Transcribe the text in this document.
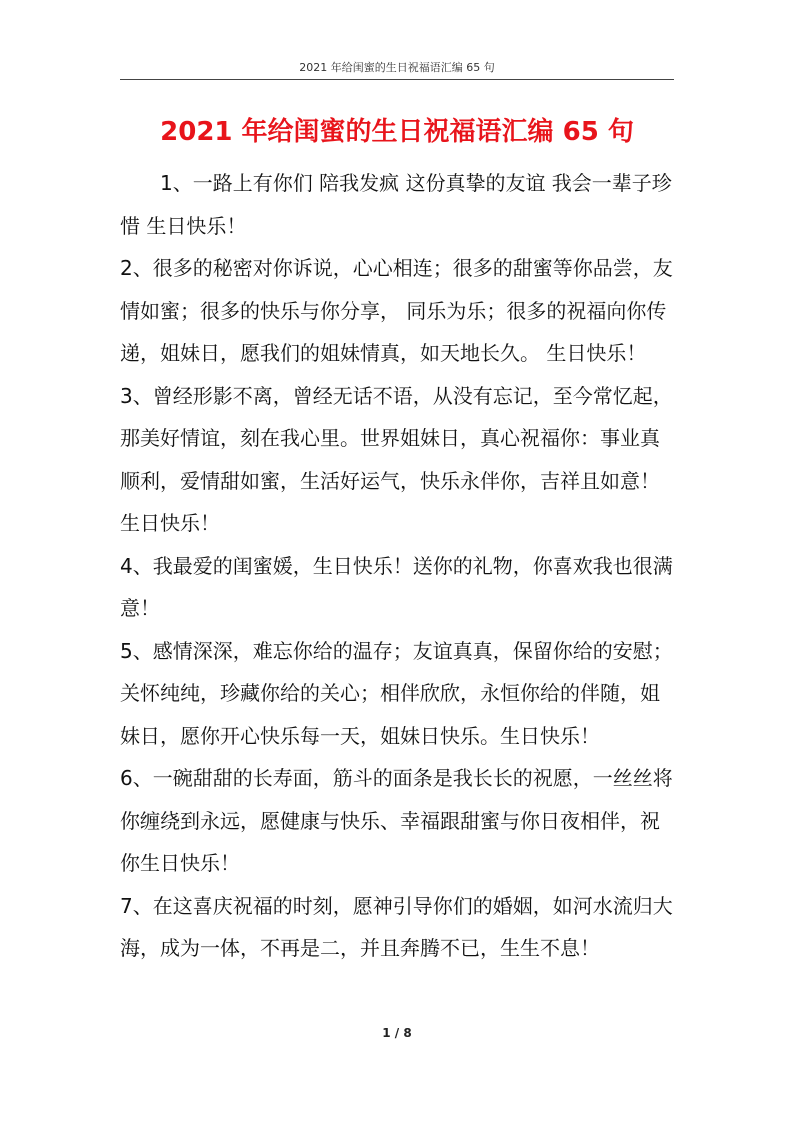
2021 年给闺蜜的生日祝福语汇编 65 句
2021 年给闺蜜的生日祝福语汇编 65 句

1、一路上有你们 陪我发疯 这份真挚的友谊 我会一辈子珍惜 生日快乐！

2、很多的秘密对你诉说，心心相连；很多的甜蜜等你品尝，友情如蜜；很多的快乐与你分享， 同乐为乐；很多的祝福向你传递，姐妹日，愿我们的姐妹情真，如天地长久。 生日快乐！

3、曾经形影不离，曾经无话不语，从没有忘记，至今常忆起，那美好情谊，刻在我心里。世界姐妹日，真心祝福你：事业真顺利，爱情甜如蜜，生活好运气，快乐永伴你，吉祥且如意！ 生日快乐！

4、我最爱的闺蜜媛，生日快乐！送你的礼物，你喜欢我也很满意！

5、感情深深，难忘你给的温存；友谊真真，保留你给的安慰；关怀纯纯，珍藏你给的关心；相伴欣欣，永恒你给的伴随，姐妹日，愿你开心快乐每一天，姐妹日快乐。生日快乐！

6、一碗甜甜的长寿面，筋斗的面条是我长长的祝愿，一丝丝将你缠绕到永远，愿健康与快乐、幸福跟甜蜜与你日夜相伴，祝你生日快乐！

7、在这喜庆祝福的时刻，愿神引导你们的婚姻，如河水流归大海，成为一体，不再是二，并且奔腾不已，生生不息！

1 / 8
